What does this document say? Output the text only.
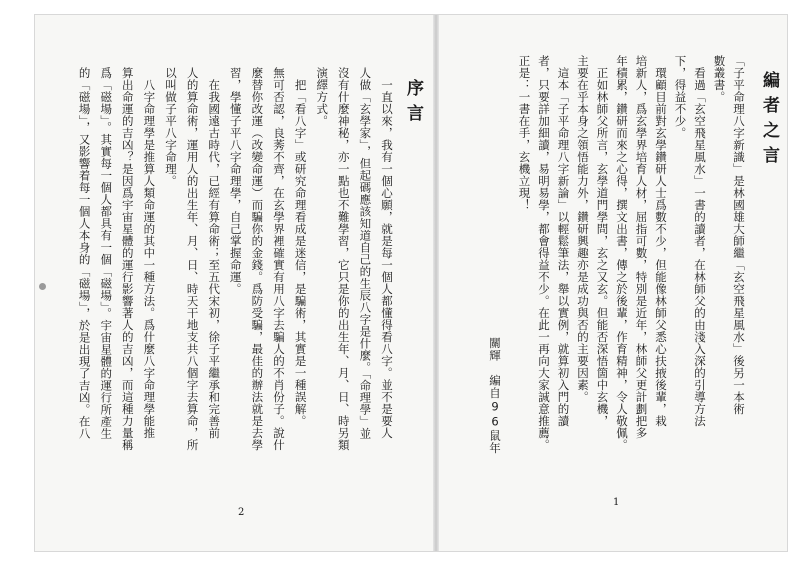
序言

　一直以來，我有一個心願，就是每一個人都懂得看八字。並不是要人

人做「玄學家」，但起碼應該知道自己的生辰八字是什麼。「命理學」並

沒有什麼神秘，亦一點也不難學習，它只是你的出生年、月、日、時另類

演繹方式。

　把「看八字」或研究命理看成是迷信，是騙術，其實是一種誤解。

無可否認，良莠不齊，在玄學界裡確實有用八字去騙人的不肖份子。說什

麼替你改運（改變命運）而騙你的金錢。爲防受騙，最佳的辦法就是去學

習，學懂子平八字命理學，自己掌握命運。

　在我國遠古時代，已經有算命術；至五代宋初，徐子平繼承和完善前

人的算命術，運用人的出生年、月、日、時天干地支共八個字去算命，所

以叫做子平八字命理。

　八字命理學是推算人類命運的其中一種方法。爲什麼八字命理學能推

算出命運的吉凶？是因爲宇宙星體的運行影響著人的吉凶，而這種力量稱

爲「磁場」。其實每一個人都具有一個「磁場」。宇宙星體的運行所產生

的「磁場」，又影響着每一個人本身的「磁場」，於是出現了吉凶。在八

2
編者之言

「子平命理八字新識」是林國雄大師繼「玄空飛星風水」後另一本術

數叢書。

　看過「玄空飛星風水」一書的讀者，在林師父的由淺入深的引導方法

下，得益不少。

　環顧目前對玄學鑽研人士爲數不少，但能像林師父悉心扶掖後輩，栽

培新人，爲玄學界培育人材，屈指可數，特別是近年，林師父更計劃把多

年積累，鑽研而來之心得，撰文出書，傳之於後輩，作育精神，令人敬佩。

　正如林師父所言，玄學道門學問，玄之又玄。但能否深悟箇中玄機，

主要在乎本身之領悟能力外，鑽研興趣亦是成功與否的主要因素。

　這本「子平命理八字新論」以輕鬆筆法，舉以實例，就算初入門的讀

者，只要詳加細讀，易明易學，都會得益不少。在此一再向大家誠意推薦。

正是：一書在手，玄機立現！

關輝　編自96鼠年

1
